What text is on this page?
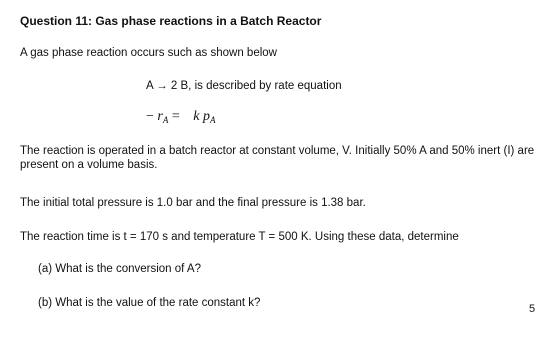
Question 11: Gas phase reactions in a Batch Reactor
A gas phase reaction occurs such as shown below
A → 2 B, is described by rate equation
− $r_A = k$ $p_A$
The reaction is operated in a batch reactor at constant volume, V. Initially 50% A and 50% inert (I) are present on a volume basis.
The initial total pressure is 1.0 bar and the final pressure is 1.38 bar.
The reaction time is t = 170 s and temperature T = 500 K. Using these data, determine
(a) What is the conversion of A?
(b) What is the value of the rate constant k?	5
